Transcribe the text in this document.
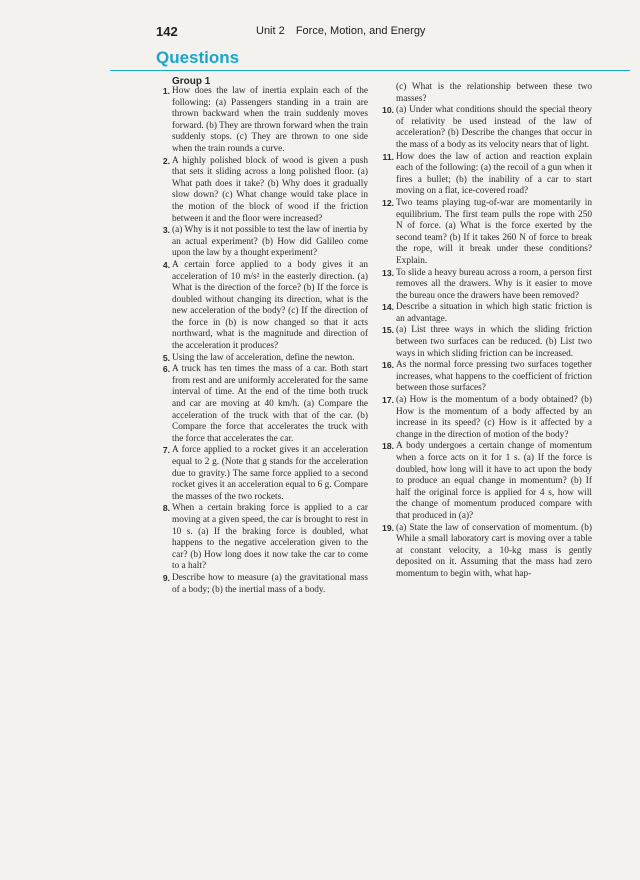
142	Unit 2 Force, Motion, and Energy
Questions
Group 1

1. How does the law of inertia explain each of the following: (a) Passengers standing in a train are thrown backward when the train suddenly moves forward. (b) They are thrown forward when the train suddenly stops. (c) They are thrown to one side when the train rounds a curve.

2. A highly polished block of wood is given a push that sets it sliding across a long polished floor. (a) What path does it take? (b) Why does it gradually slow down? (c) What change would take place in the motion of the block of wood if the friction between it and the floor were increased?

3. (a) Why is it not possible to test the law of inertia by an actual experiment? (b) How did Galileo come upon the law by a thought experiment?

4. A certain force applied to a body gives it an acceleration of 10 m/s² in the easterly direction. (a) What is the direction of the force? (b) If the force is doubled without changing its direction, what is the new acceleration of the body? (c) If the direction of the force in (b) is now changed so that it acts northward, what is the magnitude and direction of the acceleration it produces?

5. Using the law of acceleration, define the newton.

6. A truck has ten times the mass of a car. Both start from rest and are uniformly accelerated for the same interval of time. At the end of the time both truck and car are moving at 40 km/h. (a) Compare the acceleration of the truck with that of the car. (b) Compare the force that accelerates the truck with the force that accelerates the car.

7. A force applied to a rocket gives it an acceleration equal to 2 g. (Note that g stands for the acceleration due to gravity.) The same force applied to a second rocket gives it an acceleration equal to 6 g. Compare the masses of the two rockets.

8. When a certain braking force is applied to a car moving at a given speed, the car is brought to rest in 10 s. (a) If the braking force is doubled, what happens to the negative acceleration given to the car? (b) How long does it now take the car to come to a halt?

9. Describe how to measure (a) the gravitational mass of a body; (b) the inertial mass of a body.

(c) What is the relationship between these two masses?

10. (a) Under what conditions should the special theory of relativity be used instead of the law of acceleration? (b) Describe the changes that occur in the mass of a body as its velocity nears that of light.

11. How does the law of action and reaction explain each of the following: (a) the recoil of a gun when it fires a bullet; (b) the inability of a car to start moving on a flat, ice-covered road?

12. Two teams playing tug-of-war are momentarily in equilibrium. The first team pulls the rope with 250 N of force. (a) What is the force exerted by the second team? (b) If it takes 260 N of force to break the rope, will it break under these conditions? Explain.

13. To slide a heavy bureau across a room, a person first removes all the drawers. Why is it easier to move the bureau once the drawers have been removed?

14. Describe a situation in which high static friction is an advantage.

15. (a) List three ways in which the sliding friction between two surfaces can be reduced. (b) List two ways in which sliding friction can be increased.

16. As the normal force pressing two surfaces together increases, what happens to the coefficient of friction between those surfaces?

17. (a) How is the momentum of a body obtained? (b) How is the momentum of a body affected by an increase in its speed? (c) How is it affected by a change in the direction of motion of the body?

18. A body undergoes a certain change of momentum when a force acts on it for 1 s. (a) If the force is doubled, how long will it have to act upon the body to produce an equal change in momentum? (b) If half the original force is applied for 4 s, how will the change of momentum produced compare with that produced in (a)?

19. (a) State the law of conservation of momentum. (b) While a small laboratory cart is moving over a table at constant velocity, a 10-kg mass is gently deposited on it. Assuming that the mass had zero momentum to begin with, what hap-
